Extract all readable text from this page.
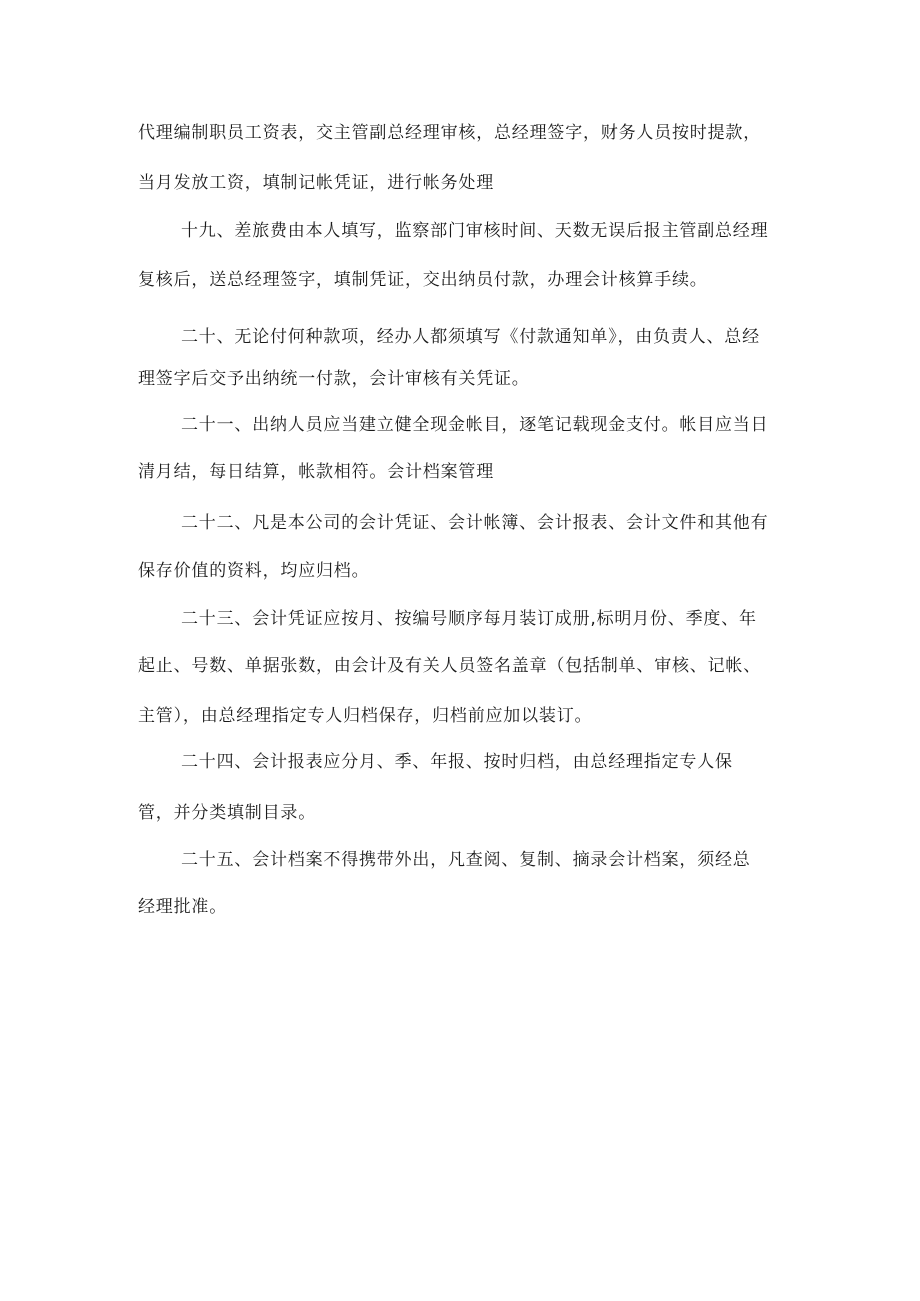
代理编制职员工资表，交主管副总经理审核，总经理签字，财务人员按时提款，
当月发放工资，填制记帐凭证，进行帐务处理
十九、差旅费由本人填写，监察部门审核时间、天数无误后报主管副总经理
复核后，送总经理签字，填制凭证，交出纳员付款，办理会计核算手续。
二十、无论付何种款项，经办人都须填写《付款通知单》，由负责人、总经
理签字后交予出纳统一付款，会计审核有关凭证。
二十一、出纳人员应当建立健全现金帐目，逐笔记载现金支付。帐目应当日
清月结，每日结算，帐款相符。会计档案管理
二十二、凡是本公司的会计凭证、会计帐簿、会计报表、会计文件和其他有
保存价值的资料，均应归档。
二十三、会计凭证应按月、按编号顺序每月装订成册,标明月份、季度、年
起止、号数、单据张数，由会计及有关人员签名盖章（包括制单、审核、记帐、
主管），由总经理指定专人归档保存，归档前应加以装订。
二十四、会计报表应分月、季、年报、按时归档，由总经理指定专人保
管，并分类填制目录。
二十五、会计档案不得携带外出，凡查阅、复制、摘录会计档案，须经总
经理批准。
